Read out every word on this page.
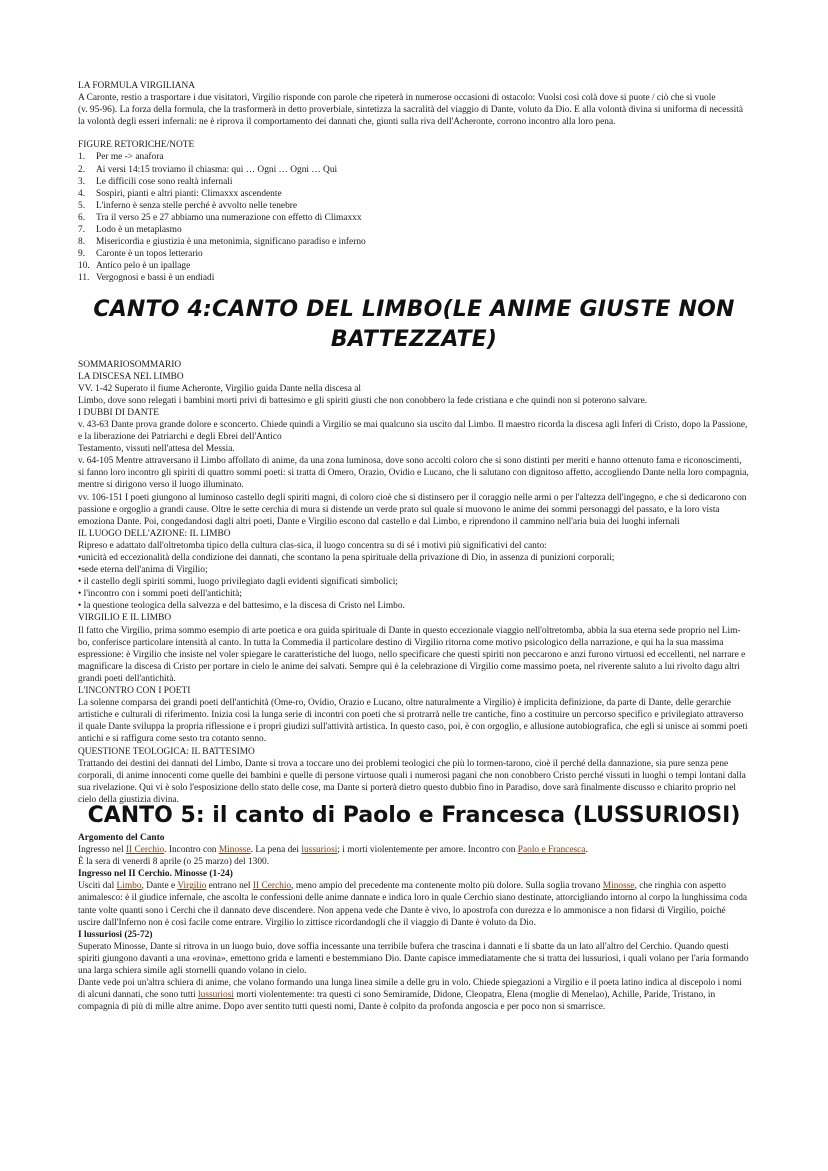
LA FORMULA VIRGILIANA

A Caronte, restio a trasportare i due visitatori, Virgilio risponde con parole che ripeterà in numerose occasioni di ostacolo: Vuolsi così colà dove si puote / ciò che si vuole

(v. 95-96). La forza della formula, che la trasformerà in detto proverbiale, sintetizza la sacralità del viaggio di Dante, voluto da Dio. E alla volontà divina si uniforma di necessità la volontà degli esseri infernali: ne è riprova il comportamento dei dannati che, giunti sulla riva dell'Acheronte, corrono incontro alla loro pena.

FIGURE RETORICHE/NOTE

1.	Per me -> anafora
2.	Ai versi 14:15 troviamo il chiasma: qui … Ogni … Ogni … Qui
3.	Le difficili cose sono realtà infernali
4.	Sospiri, pianti e altri pianti: Climaxxx ascendente
5.	L'inferno è senza stelle perché è avvolto nelle tenebre
6.	Tra il verso 25 e 27 abbiamo una numerazione con effetto di Climaxxx
7.	Lodo è un metaplasmo
8.	Misericordia e giustizia è una metonimia, significano paradiso e inferno
9.	Caronte è un topos letterario
10. Antico pelo è un ipallage
11. Vergognosi e bassi è un endiadi
CANTO 4:CANTO DEL LIMBO(LE ANIME GIUSTE NON BATTEZZATE)

SOMMARIOSOMMARIO

LA DISCESA NEL LIMBO

VV. 1-42 Superato il fiume Acheronte, Virgilio guida Dante nella discesa al

Limbo, dove sono relegati i bambini morti privi di battesimo e gli spiriti giusti che non conobbero la fede cristiana e che quindi non si poterono salvare.

I DUBBI DI DANTE

v. 43-63 Dante prova grande dolore e sconcerto. Chiede quindi a Virgilio se mai qualcuno sia uscito dal Limbo. Il maestro ricorda la discesa agli Inferi di Cristo, dopo la Passione, e la liberazione dei Patriarchi e degli Ebrei dell'Antico

Testamento, vissuti nell'attesa del Messia.

v. 64-105 Mentre attraversano il Limbo affollato di anime, da una zona luminosa, dove sono accolti coloro che si sono distinti per meriti e hanno ottenuto fama e riconoscimenti, si fanno loro incontro gli spiriti di quattro sommi poeti: si tratta di Omero, Orazio, Ovidio e Lucano, che li salutano con dignitoso affetto, accogliendo Dante nella loro compagnia, mentre si dirigono verso il luogo illuminato.

vv. 106-151 I poeti giungono al luminoso castello degli spiriti magni, di coloro cioè che si distinsero per il coraggio nelle armi o per l'altezza dell'ingegno, e che si dedicarono con passione e orgoglio a grandi cause. Oltre le sette cerchia di mura si distende un verde prato sul quale si muovono le anime dei sommi personaggi del passato, e la loro vista emoziona Dante. Poi, congedandosi dagli altri poeti, Dante e Virgilio escono dal castello e dal Limbo, e riprendono il cammino nell'aria buia dei luoghi infernali

IL LUOGO DELL'AZIONE: IL LIMBO

Ripreso e adattato dall'oltretomba tipico della cultura clas-sica, il luogo concentra su di sé i motivi più significativi del canto:

•unicità ed eccezionalità della condizione dei dannati, che scontano la pena spirituale della privazione di Dio, in assenza di punizioni corporali;

•sede eterna dell'anima di Virgilio;

• il castello degli spiriti sommi, luogo privilegiato dagli evidenti significati simbolici;

• l'incontro con i sommi poeti dell'antichità;

• la questione teologica della salvezza e del battesimo, e la discesa di Cristo nel Limbo.

VIRGILIO E IL LIMBO

Il fatto che Virgilio, prima sommo esempio di arte poetica e ora guida spirituale di Dante in questo eccezionale viaggio nell'oltretomba, abbia la sua eterna sede proprio nel Lim-bo, conferisce particolare intensità al canto. In tutta la Commedia il particolare destino di Virgilio ritorna come motivo psicologico della narrazione, e qui ha la sua massima espressione: è Virgilio che insiste nel voler spiegare le caratteristiche del luogo, nello specificare che questi spiriti non peccarono e anzi furono virtuosi ed eccellenti, nel narrare e magnificare la discesa di Cristo per portare in cielo le anime dei salvati. Sempre qui è la celebrazione di Virgilio come massimo poeta, nel riverente saluto a lui rivolto dagu altri grandi poeti dell'antichità.

L'INCONTRO CON I POETI

La solenne comparsa dei grandi poeti dell'antichità (Ome-ro, Ovidio, Orazio e Lucano, oltre naturalmente a Virgilio) è implicita definizione, da parte di Dante, delle gerarchie artistiche e culturali di riferimento. Inizia così la lunga serie di incontri con poeti che si protrarrà nelle tre cantiche, fino a costituire un percorso specifico e privilegiato attraverso il quale Dante sviluppa la propria riflessione e i propri giudizi sull'attività artistica. In questo caso, poi, è con orgoglio, e allusione autobiografica, che egli si unisce ai sommi poeti antichi e si raffigura come sesto tra cotanto senno.

QUESTIONE TEOLOGICA: IL BATTESIMO

Trattando dei destini dei dannati del Limbo, Dante si trova a toccare uno dei problemi teologici che più lo tormen-tarono, cioè il perché della dannazione, sia pure senza pene corporali, di anime innocenti come quelle dei bambini e quelle di persone virtuose quali i numerosi pagani che non conobbero Cristo perché vissuti in luoghi o tempi lontani dalla sua rivelazione. Qui vi è solo l'esposizione dello stato delle cose, ma Dante si porterà dietro questo dubbio fino in Paradiso, dove sarà finalmente discusso e chiarito proprio nel cielo della giustizia divina.

CANTO 5: il canto di Paolo e Francesca (LUSSURIOSI)

Argomento del Canto

Ingresso nel II Cerchio. Incontro con Minosse. La pena dei lussuriosi; i morti violentemente per amore. Incontro con Paolo e Francesca.

È la sera di venerdì 8 aprile (o 25 marzo) del 1300.

Ingresso nel II Cerchio. Minosse (1-24)

Usciti dal Limbo, Dante e Virgilio entrano nel II Cerchio, meno ampio del precedente ma contenente molto più dolore. Sulla soglia trovano Minosse, che ringhia con aspetto animalesco: è il giudice infernale, che ascolta le confessioni delle anime dannate e indica loro in quale Cerchio siano destinate, attorcigliando intorno al corpo la lunghissima coda tante volte quanti sono i Cerchi che il dannato deve discendere. Non appena vede che Dante è vivo, lo apostrofa con durezza e lo ammonisce a non fidarsi di Virgilio, poiché uscire dall'Inferno non è così facile come entrare. Virgilio lo zittisce ricordandogli che il viaggio di Dante è voluto da Dio.

I lussuriosi (25-72)

Superato Minosse, Dante si ritrova in un luogo buio, dove soffia incessante una terribile bufera che trascina i dannati e li sbatte da un lato all'altro del Cerchio. Quando questi spiriti giungono davanti a una «rovina», emettono grida e lamenti e bestemmiano Dio. Dante capisce immediatamente che si tratta dei lussuriosi, i quali volano per l'aria formando una larga schiera simile agli stornelli quando volano in cielo.

Dante vede poi un'altra schiera di anime, che volano formando una lunga linea simile a delle gru in volo. Chiede spiegazioni a Virgilio e il poeta latino indica al discepolo i nomi di alcuni dannati, che sono tutti lussuriosi morti violentemente: tra questi ci sono Semiramide, Didone, Cleopatra, Elena (moglie di Menelao), Achille, Paride, Tristano, in compagnia di più di mille altre anime. Dopo aver sentito tutti questi nomi, Dante è colpito da profonda angoscia e per poco non si smarrisce.
